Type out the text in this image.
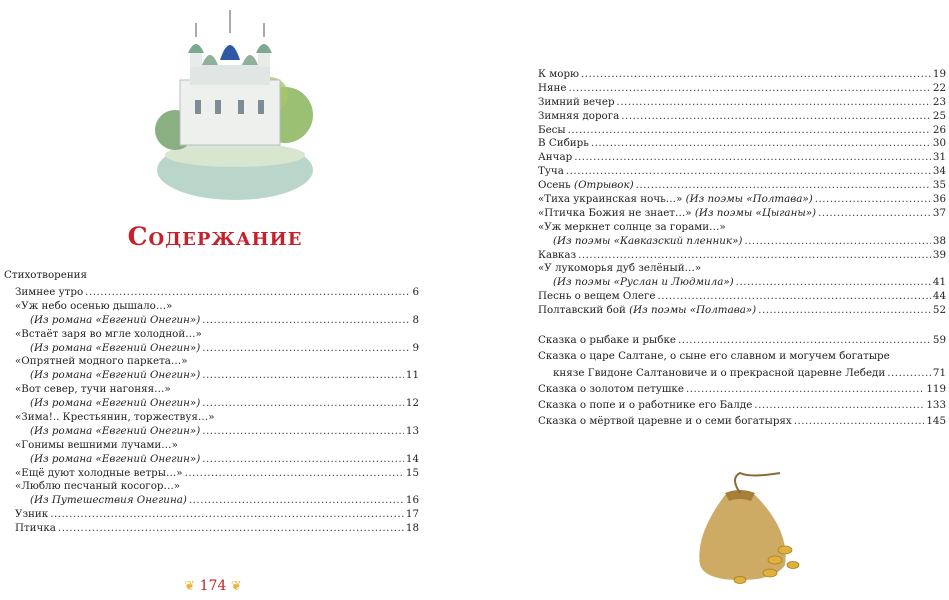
Содержание
Стихотворения
Зимнее утро .....	6
«Уж небо осенью дышало…»
(Из романа «Евгений Онегин») .....	8
«Встаёт заря во мгле холодной…»
(Из романа «Евгений Онегин») .....	9
«Опрятней модного паркета…»
(Из романа «Евгений Онегин») .....	11
«Вот север, тучи нагоняя…»
(Из романа «Евгений Онегин») .....	12
«Зима!.. Крестьянин, торжествуя…»
(Из романа «Евгений Онегин») .....	13
«Гонимы вешними лучами…»
(Из романа «Евгений Онегин») .....	14
«Ещё дуют холодные ветры…» .....	15
«Люблю песчаный косогор…»
(Из Путешествия Онегина) .....	16
Узник .....	17
Птичка .....	18
К морю .....	19
Няне .....	22
Зимний вечер .....	23
Зимняя дорога .....	25
Бесы .....	26
В Сибирь .....	30
Анчар .....	31
Туча .....	34
Осень (Отрывок) .....	35
«Тиха украинская ночь…» (Из поэмы «Полтава») .....	36
«Птичка Божия не знает…» (Из поэмы «Цыганы») .....	37
«Уж меркнет солнце за горами…»
(Из поэмы «Кавказский пленник») .....	38
Кавказ .....	39
«У лукоморья дуб зелёный…»
(Из поэмы «Руслан и Людмила») .....	41
Песнь о вещем Олеге .....	44
Полтавский бой (Из поэмы «Полтава») .....	52
Сказка о рыбаке и рыбке .....	59
Сказка о царе Салтане, о сыне его славном и могучем богатыре
князе Гвидоне Салтановиче и о прекрасной царевне Лебеди .....	71
Сказка о золотом петушке .....	119
Сказка о попе и о работнике его Балде .....	133
Сказка о мёртвой царевне и о семи богатырях .....	145
❦ 174 ❦
